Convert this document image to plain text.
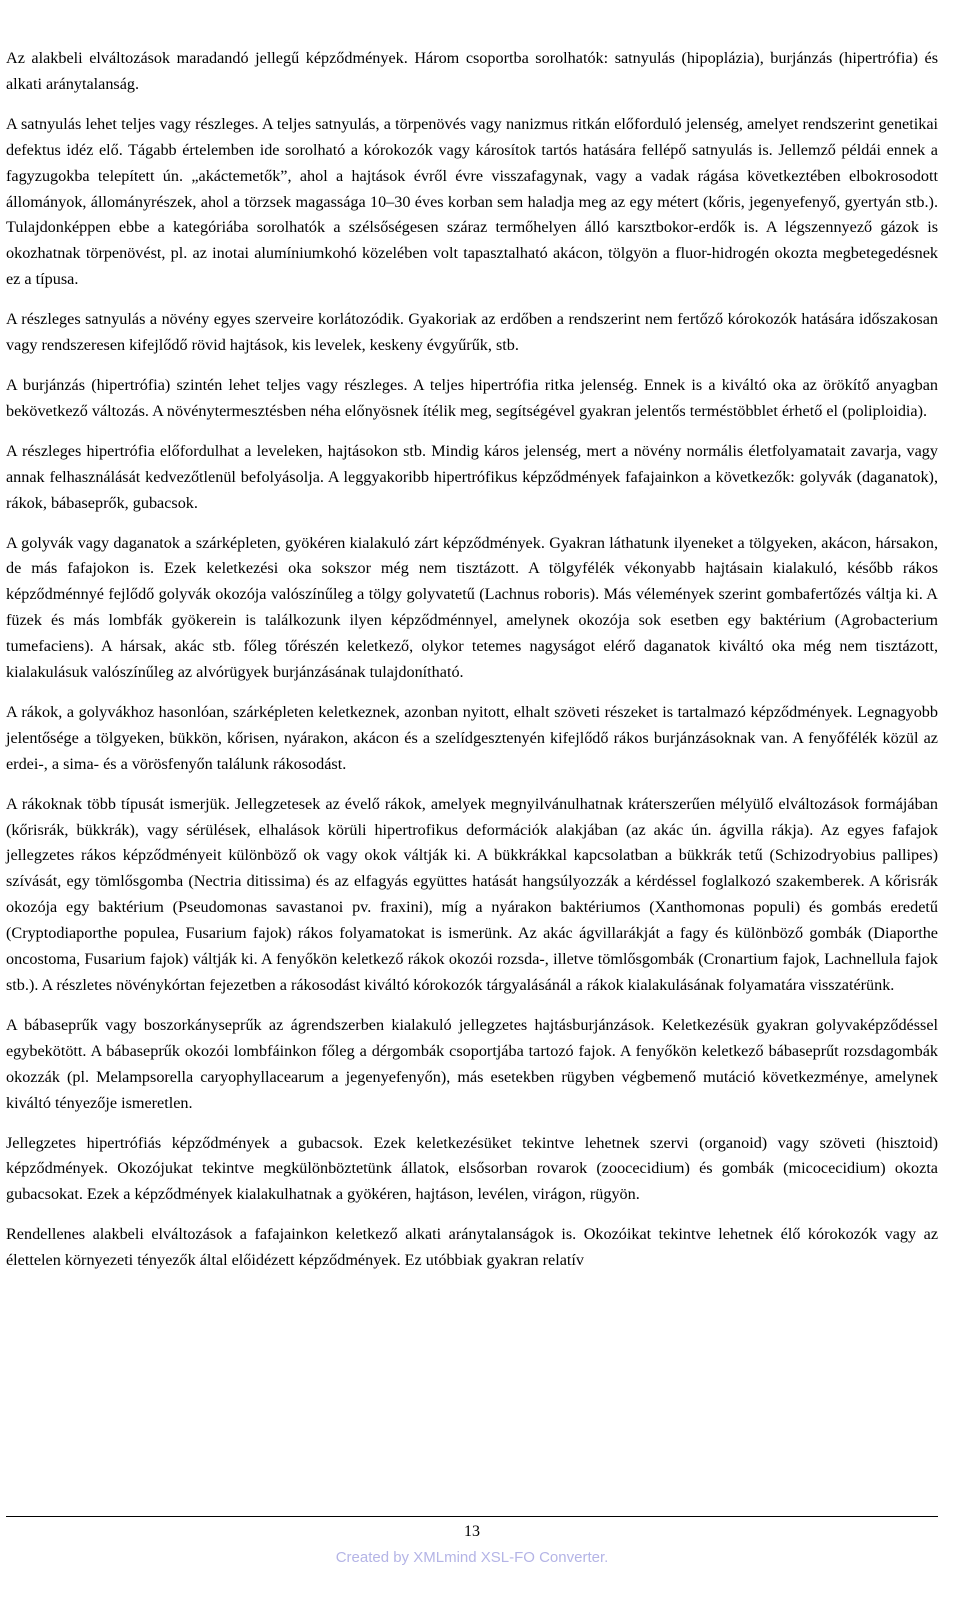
Az alakbeli elváltozások maradandó jellegű képződmények. Három csoportba sorolhatók: satnyulás (hipoplázia), burjánzás (hipertrófia) és alkati aránytalanság.

A satnyulás lehet teljes vagy részleges. A teljes satnyulás, a törpenövés vagy nanizmus ritkán előforduló jelenség, amelyet rendszerint genetikai defektus idéz elő. Tágabb értelemben ide sorolható a kórokozók vagy károsítok tartós hatására fellépő satnyulás is. Jellemző példái ennek a fagyzugokba telepített ún. „akáctemetők”, ahol a hajtások évről évre visszafagynak, vagy a vadak rágása következtében elbokrosodott állományok, állományrészek, ahol a törzsek magassága 10–30 éves korban sem haladja meg az egy métert (kőris, jegenyefenyő, gyertyán stb.). Tulajdonképpen ebbe a kategóriába sorolhatók a szélsőségesen száraz termőhelyen álló karsztbokor-erdők is. A légszennyező gázok is okozhatnak törpenövést, pl. az inotai alumíniumkohó közelében volt tapasztalható akácon, tölgyön a fluor-hidrogén okozta megbetegedésnek ez a típusa.

A részleges satnyulás a növény egyes szerveire korlátozódik. Gyakoriak az erdőben a rendszerint nem fertőző kórokozók hatására időszakosan vagy rendszeresen kifejlődő rövid hajtások, kis levelek, keskeny évgyűrűk, stb.

A burjánzás (hipertrófia) szintén lehet teljes vagy részleges. A teljes hipertrófia ritka jelenség. Ennek is a kiváltó oka az örökítő anyagban bekövetkező változás. A növénytermesztésben néha előnyösnek ítélik meg, segítségével gyakran jelentős terméstöbblet érhető el (poliploidia).

A részleges hipertrófia előfordulhat a leveleken, hajtásokon stb. Mindig káros jelenség, mert a növény normális életfolyamatait zavarja, vagy annak felhasználását kedvezőtlenül befolyásolja. A leggyakoribb hipertrófikus képződmények fafajainkon a következők: golyvák (daganatok), rákok, bábaseprők, gubacsok.

A golyvák vagy daganatok a szárképleten, gyökéren kialakuló zárt képződmények. Gyakran láthatunk ilyeneket a tölgyeken, akácon, hársakon, de más fafajokon is. Ezek keletkezési oka sokszor még nem tisztázott. A tölgyfélék vékonyabb hajtásain kialakuló, később rákos képződménnyé fejlődő golyvák okozója valószínűleg a tölgy golyvatetű (Lachnus roboris). Más vélemények szerint gombafertőzés váltja ki. A füzek és más lombfák gyökerein is találkozunk ilyen képződménnyel, amelynek okozója sok esetben egy baktérium (Agrobacterium tumefaciens). A hársak, akác stb. főleg tőrészén keletkező, olykor tetemes nagyságot elérő daganatok kiváltó oka még nem tisztázott, kialakulásuk valószínűleg az alvórügyek burjánzásának tulajdonítható.

A rákok, a golyvákhoz hasonlóan, szárképleten keletkeznek, azonban nyitott, elhalt szöveti részeket is tartalmazó képződmények. Legnagyobb jelentősége a tölgyeken, bükkön, kőrisen, nyárakon, akácon és a szelídgesztenyén kifejlődő rákos burjánzásoknak van. A fenyőfélék közül az erdei-, a sima- és a vörösfenyőn találunk rákosodást.

A rákoknak több típusát ismerjük. Jellegzetesek az évelő rákok, amelyek megnyilvánulhatnak kráterszerűen mélyülő elváltozások formájában (kőrisrák, bükkrák), vagy sérülések, elhalások körüli hipertrofikus deformációk alakjában (az akác ún. ágvilla rákja). Az egyes fafajok jellegzetes rákos képződményeit különböző ok vagy okok váltják ki. A bükkrákkal kapcsolatban a bükkrák tetű (Schizodryobius pallipes) szívását, egy tömlősgomba (Nectria ditissima) és az elfagyás együttes hatását hangsúlyozzák a kérdéssel foglalkozó szakemberek. A kőrisrák okozója egy baktérium (Pseudomonas savastanoi pv. fraxini), míg a nyárakon baktériumos (Xanthomonas populi) és gombás eredetű (Cryptodiaporthe populea, Fusarium fajok) rákos folyamatokat is ismerünk. Az akác ágvillarákját a fagy és különböző gombák (Diaporthe oncostoma, Fusarium fajok) váltják ki. A fenyőkön keletkező rákok okozói rozsda-, illetve tömlősgombák (Cronartium fajok, Lachnellula fajok stb.). A részletes növénykórtan fejezetben a rákosodást kiváltó kórokozók tárgyalásánál a rákok kialakulásának folyamatára visszatérünk.

A bábaseprűk vagy boszorkányseprűk az ágrendszerben kialakuló jellegzetes hajtásburjánzások. Keletkezésük gyakran golyvaképződéssel egybekötött. A bábaseprűk okozói lombfáinkon főleg a dérgombák csoportjába tartozó fajok. A fenyőkön keletkező bábaseprűt rozsdagombák okozzák (pl. Melampsorella caryophyllacearum a jegenyefenyőn), más esetekben rügyben végbemenő mutáció következménye, amelynek kiváltó tényezője ismeretlen.

Jellegzetes hipertrófiás képződmények a gubacsok. Ezek keletkezésüket tekintve lehetnek szervi (organoid) vagy szöveti (hisztoid) képződmények. Okozójukat tekintve megkülönböztetünk állatok, elsősorban rovarok (zoocecidium) és gombák (micocecidium) okozta gubacsokat. Ezek a képződmények kialakulhatnak a gyökéren, hajtáson, levélen, virágon, rügyön.

Rendellenes alakbeli elváltozások a fafajainkon keletkező alkati aránytalanságok is. Okozóikat tekintve lehetnek élő kórokozók vagy az élettelen környezeti tényezők által előidézett képződmények. Ez utóbbiak gyakran relatív

13
Created by XMLmind XSL-FO Converter.
